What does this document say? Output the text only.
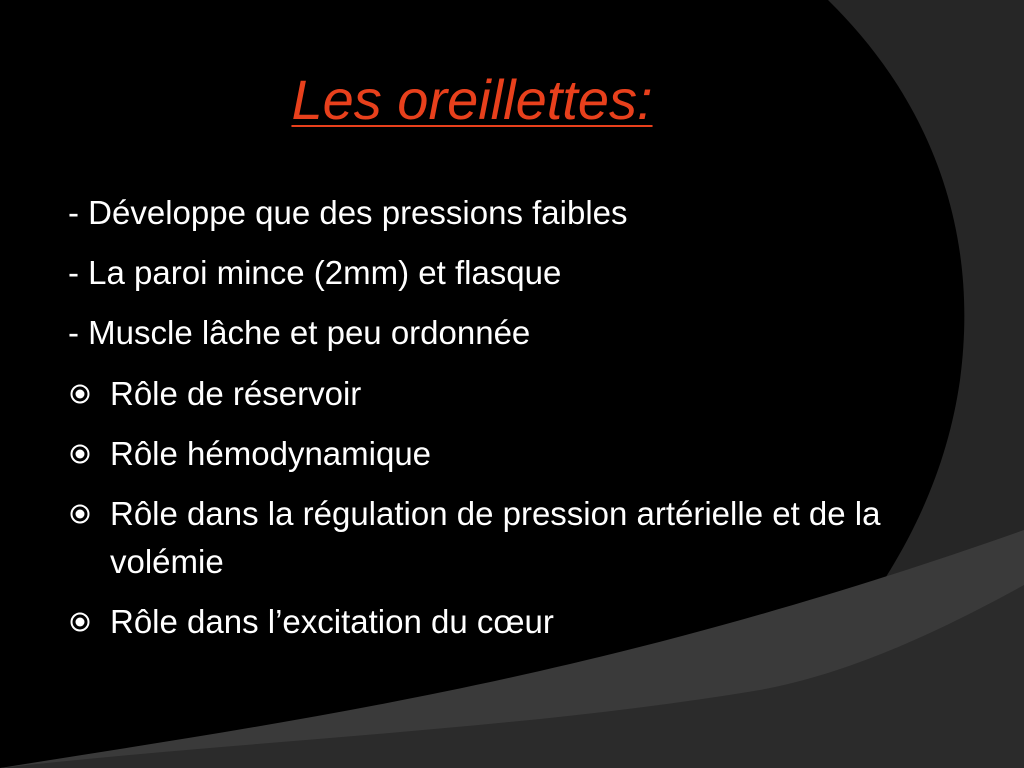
Les oreillettes:
- Développe que des pressions faibles
- La paroi mince (2mm) et flasque
- Muscle lâche et peu ordonnée
Rôle de réservoir
Rôle hémodynamique
Rôle dans la régulation de pression artérielle et de la volémie
Rôle dans l’excitation du cœur
